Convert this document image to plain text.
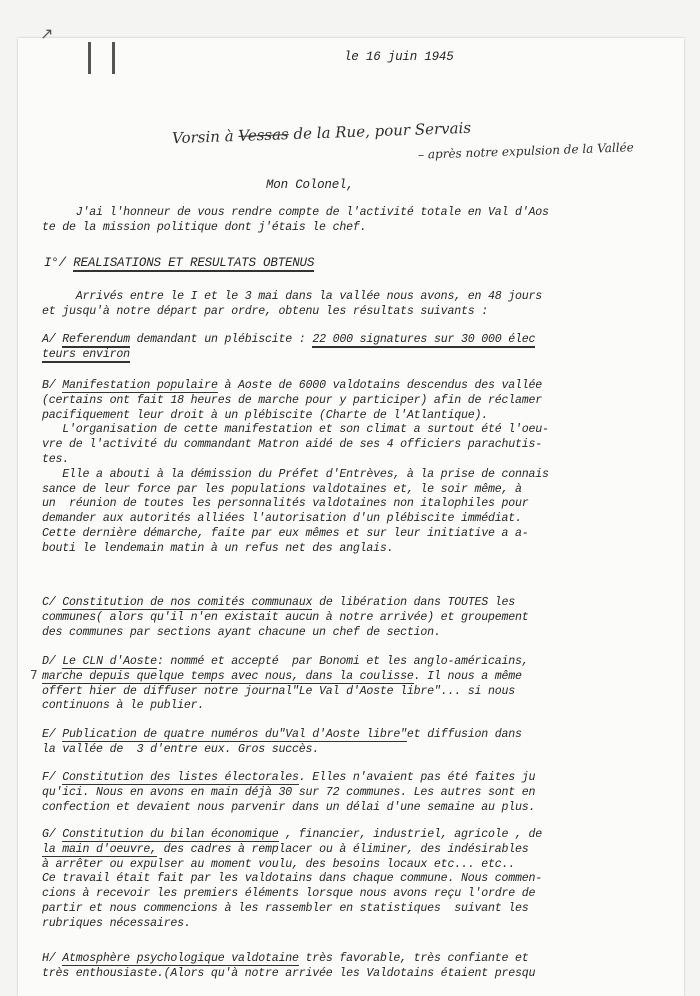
↗
7
le 16 juin 1945
Vorsin à Vessas de la Rue, pour Servais
– après notre expulsion de la Vallée
Mon Colonel,
J'ai l'honneur de vous rendre compte de l'activité totale en Val d'Aos
te de la mission politique dont j'étais le chef.
I°/ REALISATIONS ET RESULTATS OBTENUS
Arrivés entre le I et le 3 mai dans la vallée nous avons, en 48 jours
et jusqu'à notre départ par ordre, obtenu les résultats suivants :
A/ Referendum demandant un plébiscite : 22 000 signatures sur 30 000 élec
teurs environ
B/ Manifestation populaire à Aoste de 6000 valdotains descendus des vallée
(certains ont fait 18 heures de marche pour y participer) afin de réclamer
pacifiquement leur droit à un plébiscite (Charte de l'Atlantique).
L'organisation de cette manifestation et son climat a surtout été l'oeu-
vre de l'activité du commandant Matron aidé de ses 4 officiers parachutis-
tes.
Elle a abouti à la démission du Préfet d'Entrèves, à la prise de connais
sance de leur force par les populations valdotaines et, le soir même, à
un  réunion de toutes les personnalités valdotaines non italophiles pour
demander aux autorités alliées l'autorisation d'un plébiscite immédiat.
Cette dernière démarche, faite par eux mêmes et sur leur initiative a a-
bouti le lendemain matin à un refus net des anglais.
C/ Constitution de nos comités communaux de libération dans TOUTES les
communes( alors qu'il n'en existait aucun à notre arrivée) et groupement
des communes par sections ayant chacune un chef de section.
D/ Le CLN d'Aoste: nommé et accepté  par Bonomi et les anglo-américains,
marche depuis quelque temps avec nous, dans la coulisse. Il nous a même
offert hier de diffuser notre journal"Le Val d'Aoste libre"... si nous
continuons à le publier.
E/ Publication de quatre numéros du"Val d'Aoste libre"et diffusion dans
la vallée de  3 d'entre eux. Gros succès.
F/ Constitution des listes électorales. Elles n'avaient pas été faites ju
qu'ici. Nous en avons en main déjà 30 sur 72 communes. Les autres sont en
confection et devaient nous parvenir dans un délai d'une semaine au plus.
G/ Constitution du bilan économique , financier, industriel, agricole , de
la main d'oeuvre, des cadres à remplacer ou à éliminer, des indésirables
à arrêter ou expulser au moment voulu, des besoins locaux etc... etc..
Ce travail était fait par les valdotains dans chaque commune. Nous commen-
cions à recevoir les premiers éléments lorsque nous avons reçu l'ordre de
partir et nous commencions à les rassembler en statistiques  suivant les
rubriques nécessaires.
H/ Atmosphère psychologique valdotaine très favorable, très confiante et
très enthousiaste.(Alors qu'à notre arrivée les Valdotains étaient presqu
